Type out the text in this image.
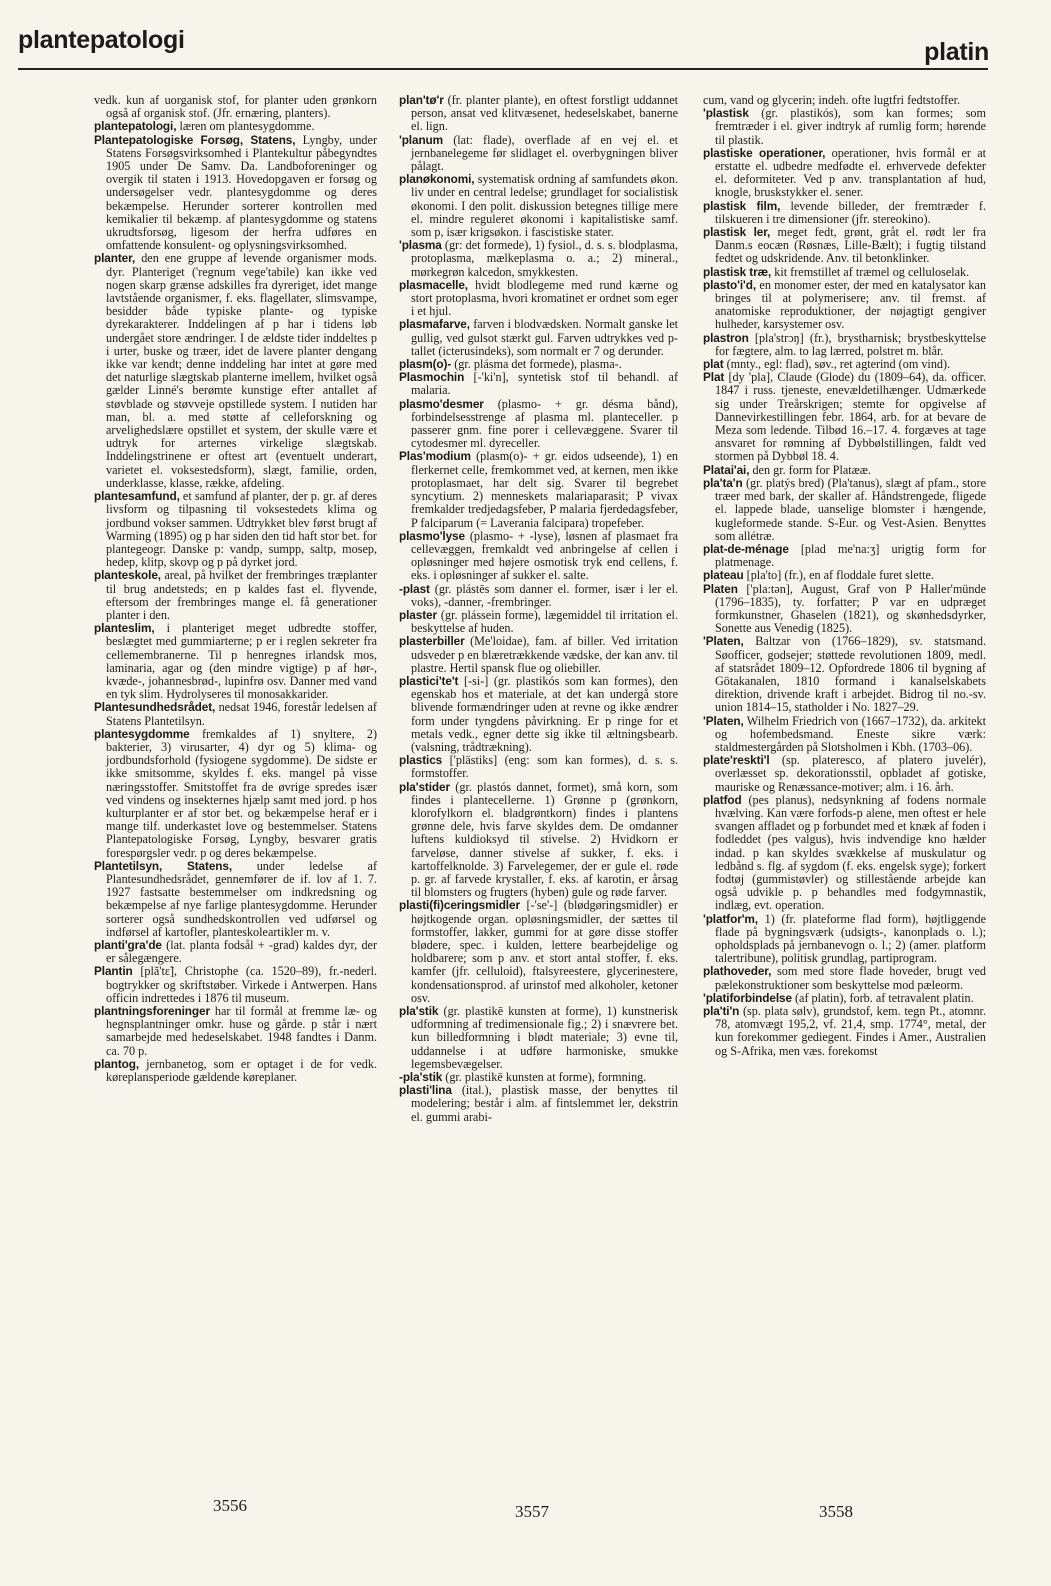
plantepatologi	platin

vedk. kun af uorganisk stof, for planter uden grønkorn også af organisk stof. (Jfr. ernæring, planters).

plantepatologi, læren om plantesygdomme.

Plantepatologiske Forsøg, Statens, Lyngby, under Statens Forsøgsvirksomhed i Plantekultur påbegyndtes 1905 under De Samv. Da. Landboforeninger og overgik til staten i 1913. Hovedopgaven er forsøg og undersøgelser vedr. plantesygdomme og deres bekæmpelse. Herunder sorterer kontrollen med kemikalier til bekæmp. af plantesygdomme og statens ukrudtsforsøg, ligesom der herfra udføres en omfattende konsulent- og oplysningsvirksomhed.

planter, den ene gruppe af levende organismer mods. dyr. Planteriget ('regnum vege'tabile) kan ikke ved nogen skarp grænse adskilles fra dyreriget, idet mange lavtstående organismer, f. eks. flagellater, slimsvampe, besidder både typiske plante- og typiske dyrekarakterer. Inddelingen af p har i tidens løb undergået store ændringer. I de ældste tider inddeltes p i urter, buske og træer, idet de lavere planter dengang ikke var kendt; denne inddeling har intet at gøre med det naturlige slægtskab planterne imellem, hvilket også gælder Linné's berømte kunstige efter antallet af støvblade og støvveje opstillede system. I nutiden har man, bl. a. med støtte af celleforskning og arvelighedslære opstillet et system, der skulle være et udtryk for arternes virkelige slægtskab. Inddelingstrinene er oftest art (eventuelt underart, varietet el. voksestedsform), slægt, familie, orden, underklasse, klasse, række, afdeling.

plantesamfund, et samfund af planter, der p. gr. af deres livsform og tilpasning til voksestedets klima og jordbund vokser sammen. Udtrykket blev først brugt af Warming (1895) og p har siden den tid haft stor bet. for plantegeogr. Danske p: vandp, sumpp, saltp, mosep, hedep, klitp, skovp og p på dyrket jord.

planteskole, areal, på hvilket der frembringes træplanter til brug andetsteds; en p kaldes fast el. flyvende, eftersom der frembringes mange el. få generationer planter i den.

planteslim, i planteriget meget udbredte stoffer, beslægtet med gummiarterne; p er i reglen sekreter fra cellemembranerne. Til p henregnes irlandsk mos, laminaria, agar og (den mindre vigtige) p af hør-, kvæde-, johannesbrød-, lupinfrø osv. Danner med vand en tyk slim. Hydrolyseres til monosakkarider.

Plantesundhedsrådet, nedsat 1946, forestår ledelsen af Statens Plantetilsyn.

plantesygdomme fremkaldes af 1) snyltere, 2) bakterier, 3) virusarter, 4) dyr og 5) klima- og jordbundsforhold (fysiogene sygdomme). De sidste er ikke smitsomme, skyldes f. eks. mangel på visse næringsstoffer. Smitstoffet fra de øvrige spredes især ved vindens og insekternes hjælp samt med jord. p hos kulturplanter er af stor bet. og bekæmpelse heraf er i mange tilf. underkastet love og bestemmelser. Statens Plantepatologiske Forsøg, Lyngby, besvarer gratis forespørgsler vedr. p og deres bekæmpelse.

Plantetilsyn, Statens, under ledelse af Plantesundhedsrådet, gennemfører de if. lov af 1. 7. 1927 fastsatte bestemmelser om indkredsning og bekæmpelse af nye farlige plantesygdomme. Herunder sorterer også sundhedskontrollen ved udførsel og indførsel af kartofler, planteskoleartikler m. v.

planti'gra'de (lat. planta fodsål + -grad) kaldes dyr, der er sålegængere.

Plantin [plã'tɛ̃], Christophe (ca. 1520–89), fr.-nederl. bogtrykker og skriftstøber. Virkede i Antwerpen. Hans officin indrettedes i 1876 til museum.

plantningsforeninger har til formål at fremme læ- og hegnsplantninger omkr. huse og gårde. p står i nært samarbejde med hedeselskabet. 1948 fandtes i Danm. ca. 70 p.

plantog, jernbanetog, som er optaget i de for vedk. køreplansperiode gældende køreplaner.

plan'tø'r (fr. planter plante), en oftest forstligt uddannet person, ansat ved klitvæsenet, hedeselskabet, banerne el. lign.

'planum (lat: flade), overflade af en vej el. et jernbanelegeme før slidlaget el. overbygningen bliver pålagt.

planøkonomi, systematisk ordning af samfundets økon. liv under en central ledelse; grundlaget for socialistisk økonomi. I den polit. diskussion betegnes tillige mere el. mindre reguleret økonomi i kapitalistiske samf. som p, især krigsøkon. i fascistiske stater.

'plasma (gr: det formede), 1) fysiol., d. s. s. blodplasma, protoplasma, mælkeplasma o. a.; 2) mineral., mørkegrøn kalcedon, smykkesten.

plasmacelle, hvidt blodlegeme med rund kærne og stort protoplasma, hvori kromatinet er ordnet som eger i et hjul.

plasmafarve, farven i blodvædsken. Normalt ganske let gullig, ved gulsot stærkt gul. Farven udtrykkes ved p-tallet (icterusindeks), som normalt er 7 og derunder.

plasm(o)- (gr. plásma det formede), plasma-.

Plasmochin [-'ki'n], syntetisk stof til behandl. af malaria.

plasmo'desmer (plasmo- + gr. désma bånd), forbindelsesstrenge af plasma ml. planteceller. p passerer gnm. fine porer i cellevæggene. Svarer til cytodesmer ml. dyreceller.

Plas'modium (plasm(o)- + gr. eidos udseende), 1) en flerkernet celle, fremkommet ved, at kernen, men ikke protoplasmaet, har delt sig. Svarer til begrebet syncytium. 2) menneskets malariaparasit; P vivax fremkalder tredjedagsfeber, P malaria fjerdedagsfeber, P falciparum (= Laverania falcipara) tropefeber.

plasmo'lyse (plasmo- + -lyse), løsnen af plasmaet fra cellevæggen, fremkaldt ved anbringelse af cellen i opløsninger med højere osmotisk tryk end cellens, f. eks. i opløsninger af sukker el. salte.

-plast (gr. plástēs som danner el. former, især i ler el. voks), -danner, -frembringer.

plaster (gr. plássein forme), lægemiddel til irritation el. beskyttelse af huden.

plasterbiller (Me'loidae), fam. af biller. Ved irritation udsveder p en blæretrækkende vædske, der kan anv. til plastre. Hertil spansk flue og oliebiller.

plastici'te't [-si-] (gr. plastikós som kan formes), den egenskab hos et materiale, at det kan undergå store blivende formændringer uden at revne og ikke ændrer form under tyngdens påvirkning. Er p ringe for et metals vedk., egner dette sig ikke til æltningsbearb. (valsning, trådtrækning).

plastics ['plästiks] (eng: som kan formes), d. s. s. formstoffer.

pla'stider (gr. plastós dannet, formet), små korn, som findes i plantecellerne. 1) Grønne p (grønkorn, klorofylkorn el. bladgrøntkorn) findes i plantens grønne dele, hvis farve skyldes dem. De omdanner luftens kuldioksyd til stivelse. 2) Hvidkorn er farveløse, danner stivelse af sukker, f. eks. i kartoffelknolde. 3) Farvelegemer, der er gule el. røde p. gr. af farvede krystaller, f. eks. af karotin, er årsag til blomsters og frugters (hyben) gule og røde farver.

plasti(fi)ceringsmidler [-'se'-] (blødgøringsmidler) er højtkogende organ. opløsningsmidler, der sættes til formstoffer, lakker, gummi for at gøre disse stoffer blødere, spec. i kulden, lettere bearbejdelige og holdbarere; som p anv. et stort antal stoffer, f. eks. kamfer (jfr. celluloid), ftalsyreestere, glycerinestere, kondensationsprod. af urinstof med alkoholer, ketoner osv.

pla'stik (gr. plastikē kunsten at forme), 1) kunstnerisk udformning af tredimensionale fig.; 2) i snævrere bet. kun billedformning i blødt materiale; 3) evne til, uddannelse i at udføre harmoniske, smukke legemsbevægelser.

-pla'stik (gr. plastikē kunsten at forme), formning.

plasti'lina (ital.), plastisk masse, der benyttes til modelering; består i alm. af fintslemmet ler, dekstrin el. gummi arabi-

cum, vand og glycerin; indeh. ofte lugtfri fedtstoffer.

'plastisk (gr. plastikós), som kan formes; som fremtræder i el. giver indtryk af rumlig form; hørende til plastik.

plastiske operationer, operationer, hvis formål er at erstatte el. udbedre medfødte el. erhvervede defekter el. deformiteter. Ved p anv. transplantation af hud, knogle, bruskstykker el. sener.

plastisk film, levende billeder, der fremtræder f. tilskueren i tre dimensioner (jfr. stereokino).

plastisk ler, meget fedt, grønt, gråt el. rødt ler fra Danm.s eocæn (Røsnæs, Lille-Bælt); i fugtig tilstand fedtet og udskridende. Anv. til betonklinker.

plastisk træ, kit fremstillet af træmel og celluloselak.

plasto'i'd, en monomer ester, der med en katalysator kan bringes til at polymerisere; anv. til fremst. af anatomiske reproduktioner, der nøjagtigt gengiver hulheder, karsystemer osv.

plastron [pla'strɔŋ] (fr.), brystharnisk; brystbeskyttelse for fægtere, alm. to lag lærred, polstret m. blår.

plat (mnty., egl: flad), søv., ret agterind (om vind).

Plat [dy 'pla], Claude (Glode) du (1809–64), da. officer. 1847 i russ. tjeneste, enevældetilhænger. Udmærkede sig under Treårskrigen; stemte for opgivelse af Dannevirkestillingen febr. 1864, arb. for at bevare de Meza som ledende. Tilbød 16.–17. 4. forgæves at tage ansvaret for rømning af Dybbølstillingen, faldt ved stormen på Dybbøl 18. 4.

Platai'ai, den gr. form for Platææ.

pla'ta'n (gr. platýs bred) (Pla'tanus), slægt af pfam., store træer med bark, der skaller af. Håndstrengede, fligede el. lappede blade, uanselige blomster i hængende, kugleformede stande. S-Eur. og Vest-Asien. Benyttes som allétræ.

plat-de-ménage [plad me'na:ʒ] urigtig form for platmenage.

plateau [pla'to] (fr.), en af floddale furet slette.

Platen ['pla:tən], August, Graf von P Haller'münde (1796–1835), ty. forfatter; P var en udpræget formkunstner, Ghaselen (1821), og skønhedsdyrker, Sonette aus Venedig (1825).

'Platen, Baltzar von (1766–1829), sv. statsmand. Søofficer, godsejer; støttede revolutionen 1809, medl. af statsrådet 1809–12. Opfordrede 1806 til bygning af Götakanalen, 1810 formand i kanalselskabets direktion, drivende kraft i arbejdet. Bidrog til no.-sv. union 1814–15, statholder i No. 1827–29.

'Platen, Wilhelm Friedrich von (1667–1732), da. arkitekt og hofembedsmand. Eneste sikre værk: staldmestergården på Slotsholmen i Kbh. (1703–06).

plate'reskti'l (sp. plateresco, af platero juvelér), overlæsset sp. dekorationsstil, opbladet af gotiske, mauriske og Renæssance-motiver; alm. i 16. årh.

platfod (pes planus), nedsynkning af fodens normale hvælving. Kan være forfods-p alene, men oftest er hele svangen affladet og p forbundet med et knæk af foden i fodleddet (pes valgus), hvis indvendige kno hælder indad. p kan skyldes svækkelse af muskulatur og ledbånd s. flg. af sygdom (f. eks. engelsk syge); forkert fodtøj (gummistøvler) og stillestående arbejde kan også udvikle p. p behandles med fodgymnastik, indlæg, evt. operation.

'platfor'm, 1) (fr. plateforme flad form), højtliggende flade på bygningsværk (udsigts-, kanonplads o. l.); opholdsplads på jernbanevogn o. l.; 2) (amer. platform talertribune), politisk grundlag, partiprogram.

plathoveder, som med store flade hoveder, brugt ved pælekonstruktioner som beskyttelse mod pæleorm.

'platiforbindelse (af platin), forb. af tetravalent platin.

pla'ti'n (sp. plata sølv), grundstof, kem. tegn Pt., atomnr. 78, atomvægt 195,2, vf. 21,4, smp. 1774°, metal, der kun forekommer gediegent. Findes i Amer., Australien og S-Afrika, men væs. forekomst

3556	3557	3558
